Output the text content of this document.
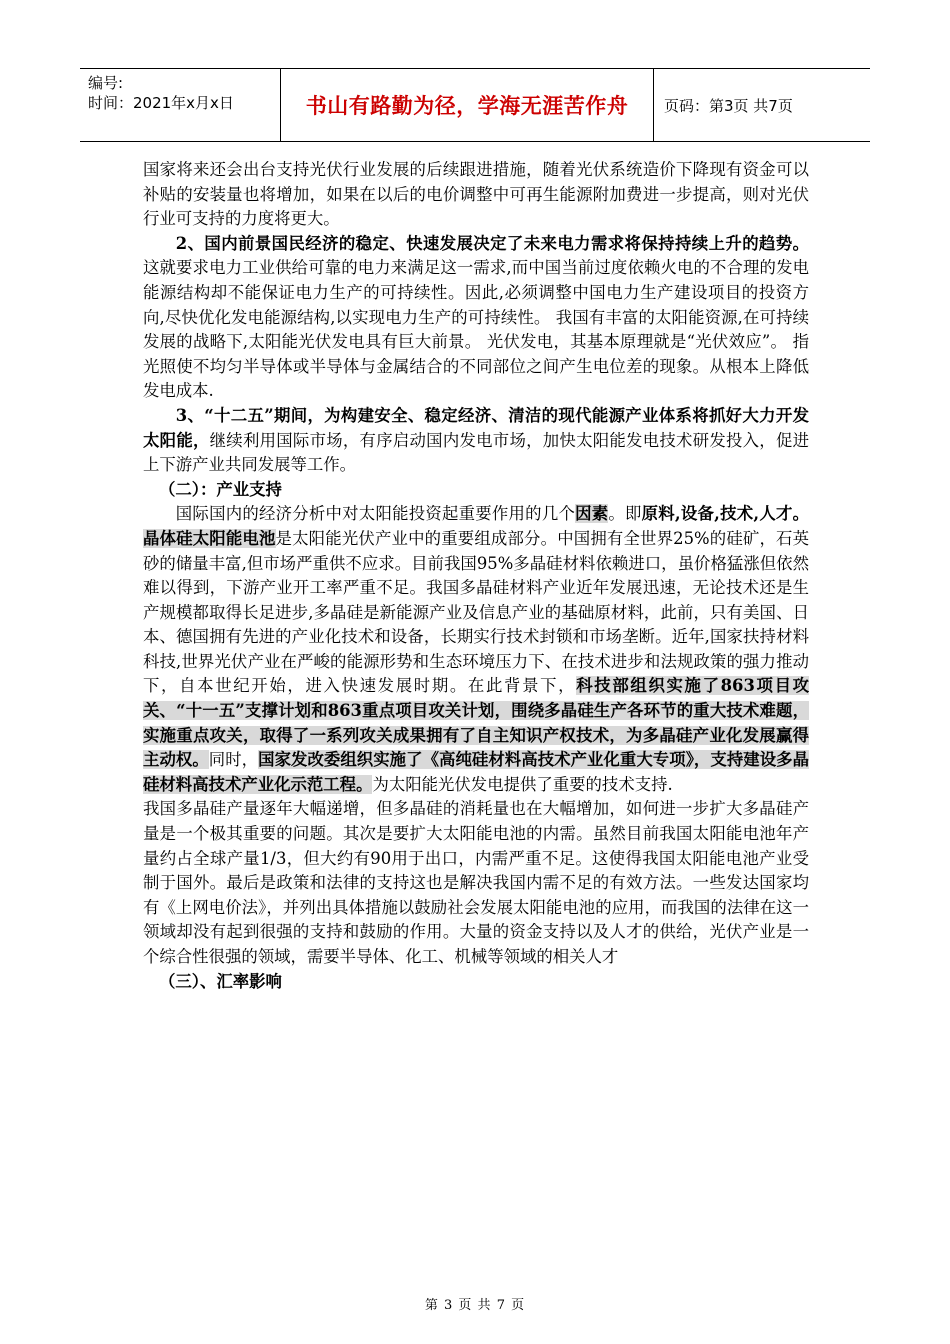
编号:
时间：2021年x月x日	书山有路勤为径，学海无涯苦作舟	页码：第3页 共7页

国家将来还会出台支持光伏行业发展的后续跟进措施，随着光伏系统造价下降现有资金可以补贴的安装量也将增加，如果在以后的电价调整中可再生能源附加费进一步提高，则对光伏行业可支持的力度将更大。

2、国内前景国民经济的稳定、快速发展决定了未来电力需求将保持持续上升的趋势。这就要求电力工业供给可靠的电力来满足这一需求,而中国当前过度依赖火电的不合理的发电能源结构却不能保证电力生产的可持续性。因此,必须调整中国电力生产建设项目的投资方向,尽快优化发电能源结构,以实现电力生产的可持续性。 我国有丰富的太阳能资源,在可持续发展的战略下,太阳能光伏发电具有巨大前景。 光伏发电，其基本原理就是“光伏效应”。 指光照使不均匀半导体或半导体与金属结合的不同部位之间产生电位差的现象。从根本上降低发电成本.

3、“十二五”期间，为构建安全、稳定经济、清洁的现代能源产业体系将抓好大力开发太阳能，继续利用国际市场，有序启动国内发电市场，加快太阳能发电技术研发投入，促进上下游产业共同发展等工作。

（二）：产业支持

国际国内的经济分析中对太阳能投资起重要作用的几个因素。即原料,设备,技术,人才。晶体硅太阳能电池是太阳能光伏产业中的重要组成部分。中国拥有全世界25%的硅矿，石英砂的储量丰富,但市场严重供不应求。目前我国95%多晶硅材料依赖进口，虽价格猛涨但依然难以得到，下游产业开工率严重不足。我国多晶硅材料产业近年发展迅速，无论技术还是生产规模都取得长足进步,多晶硅是新能源产业及信息产业的基础原材料，此前，只有美国、日本、德国拥有先进的产业化技术和设备，长期实行技术封锁和市场垄断。近年,国家扶持材料科技,世界光伏产业在严峻的能源形势和生态环境压力下、在技术进步和法规政策的强力推动下，自本世纪开始，进入快速发展时期。在此背景下，科技部组织实施了863项目攻关、“十一五”支撑计划和863重点项目攻关计划，围绕多晶硅生产各环节的重大技术难题，实施重点攻关，取得了一系列攻关成果拥有了自主知识产权技术，为多晶硅产业化发展赢得主动权。同时，国家发改委组织实施了《高纯硅材料高技术产业化重大专项》，支持建设多晶硅材料高技术产业化示范工程。为太阳能光伏发电提供了重要的技术支持.

我国多晶硅产量逐年大幅递增，但多晶硅的消耗量也在大幅增加，如何进一步扩大多晶硅产量是一个极其重要的问题。其次是要扩大太阳能电池的内需。虽然目前我国太阳能电池年产量约占全球产量1/3，但大约有90用于出口，内需严重不足。这使得我国太阳能电池产业受制于国外。最后是政策和法律的支持这也是解决我国内需不足的有效方法。一些发达国家均有《上网电价法》，并列出具体措施以鼓励社会发展太阳能电池的应用，而我国的法律在这一领域却没有起到很强的支持和鼓励的作用。大量的资金支持以及人才的供给，光伏产业是一个综合性很强的领域，需要半导体、化工、机械等领域的相关人才

（三）、汇率影响

第 3 页 共 7 页
